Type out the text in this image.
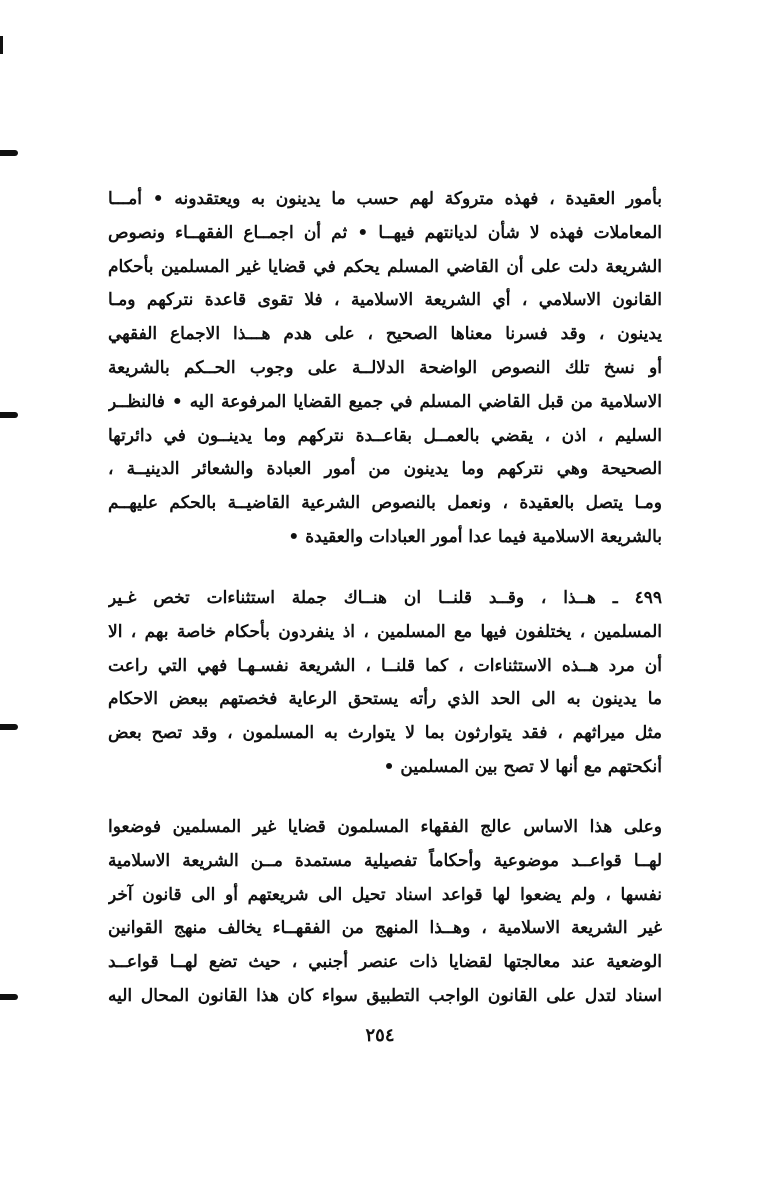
بأمور العقيدة ، فهذه متروكة لهم حسب ما يدينون به ويعتقدونه • أمـــا
المعاملات فهذه لا شأن لديانتهم فيهــا • ثم أن اجمــاع الفقهــاء ونصوص
الشريعة دلت على أن القاضي المسلم يحكم في قضايا غير المسلمين بأحكام
القانون الاسلامي ، أي الشريعة الاسلامية ، فلا تقوى قاعدة نتركهم ومـا
يدينون ، وقد فسرنا معناها الصحيح ، على هدم هـــذا الاجماع الفقهي
أو نسخ تلك النصوص الواضحة الدلالــة على وجوب الحــكم بالشريعة
الاسلامية من قبل القاضي المسلم في جميع القضايا المرفوعة اليه • فالنظــر
السليم ، اذن ، يقضي بالعمــل بقاعــدة نتركهم وما يدينــون في دائرتها
الصحيحة وهي نتركهم وما يدينون من أمور العبادة والشعائر الدينيــة ،
ومـا يتصل بالعقيدة ، ونعمل بالنصوص الشرعية القاضيــة بالحكم عليهــم
بالشريعة الاسلامية فيما عدا أمور العبادات والعقيدة •
٤٩٩ ـ هــذا ، وقــد قلنــا ان هنــاك جملة استثناءات تخص غـير
المسلمين ، يختلفون فيها مع المسلمين ، اذ ينفردون بأحكام خاصة بهم ، الا
أن مرد هــذه الاستثناءات ، كما قلنــا ، الشريعة نفسـهـا فهي التي راعت
ما يدينون به الى الحد الذي رأته يستحق الرعاية فخصتهم ببعض الاحكام
مثل ميراثهم ، فقد يتوارثون بما لا يتوارث به المسلمون ، وقد تصح بعض
أنكحتهم مع أنها لا تصح بين المسلمين •
وعلى هذا الاساس عالج الفقهاء المسلمون قضايا غير المسلمين فوضعوا
لهــا قواعــد موضوعية وأحكاماً تفصيلية مستمدة مــن الشريعة الاسلامية
نفسها ، ولم يضعوا لها قواعد اسناد تحيل الى شريعتهم أو الى قانون آخر
غير الشريعة الاسلامية ، وهــذا المنهج من الفقهــاء يخالف منهج القوانين
الوضعية عند معالجتها لقضايا ذات عنصر أجنبي ، حيث تضع لهــا قواعــد
اسناد لتدل على القانون الواجب التطبيق سواء كان هذا القانون المحال اليه
٢٥٤
